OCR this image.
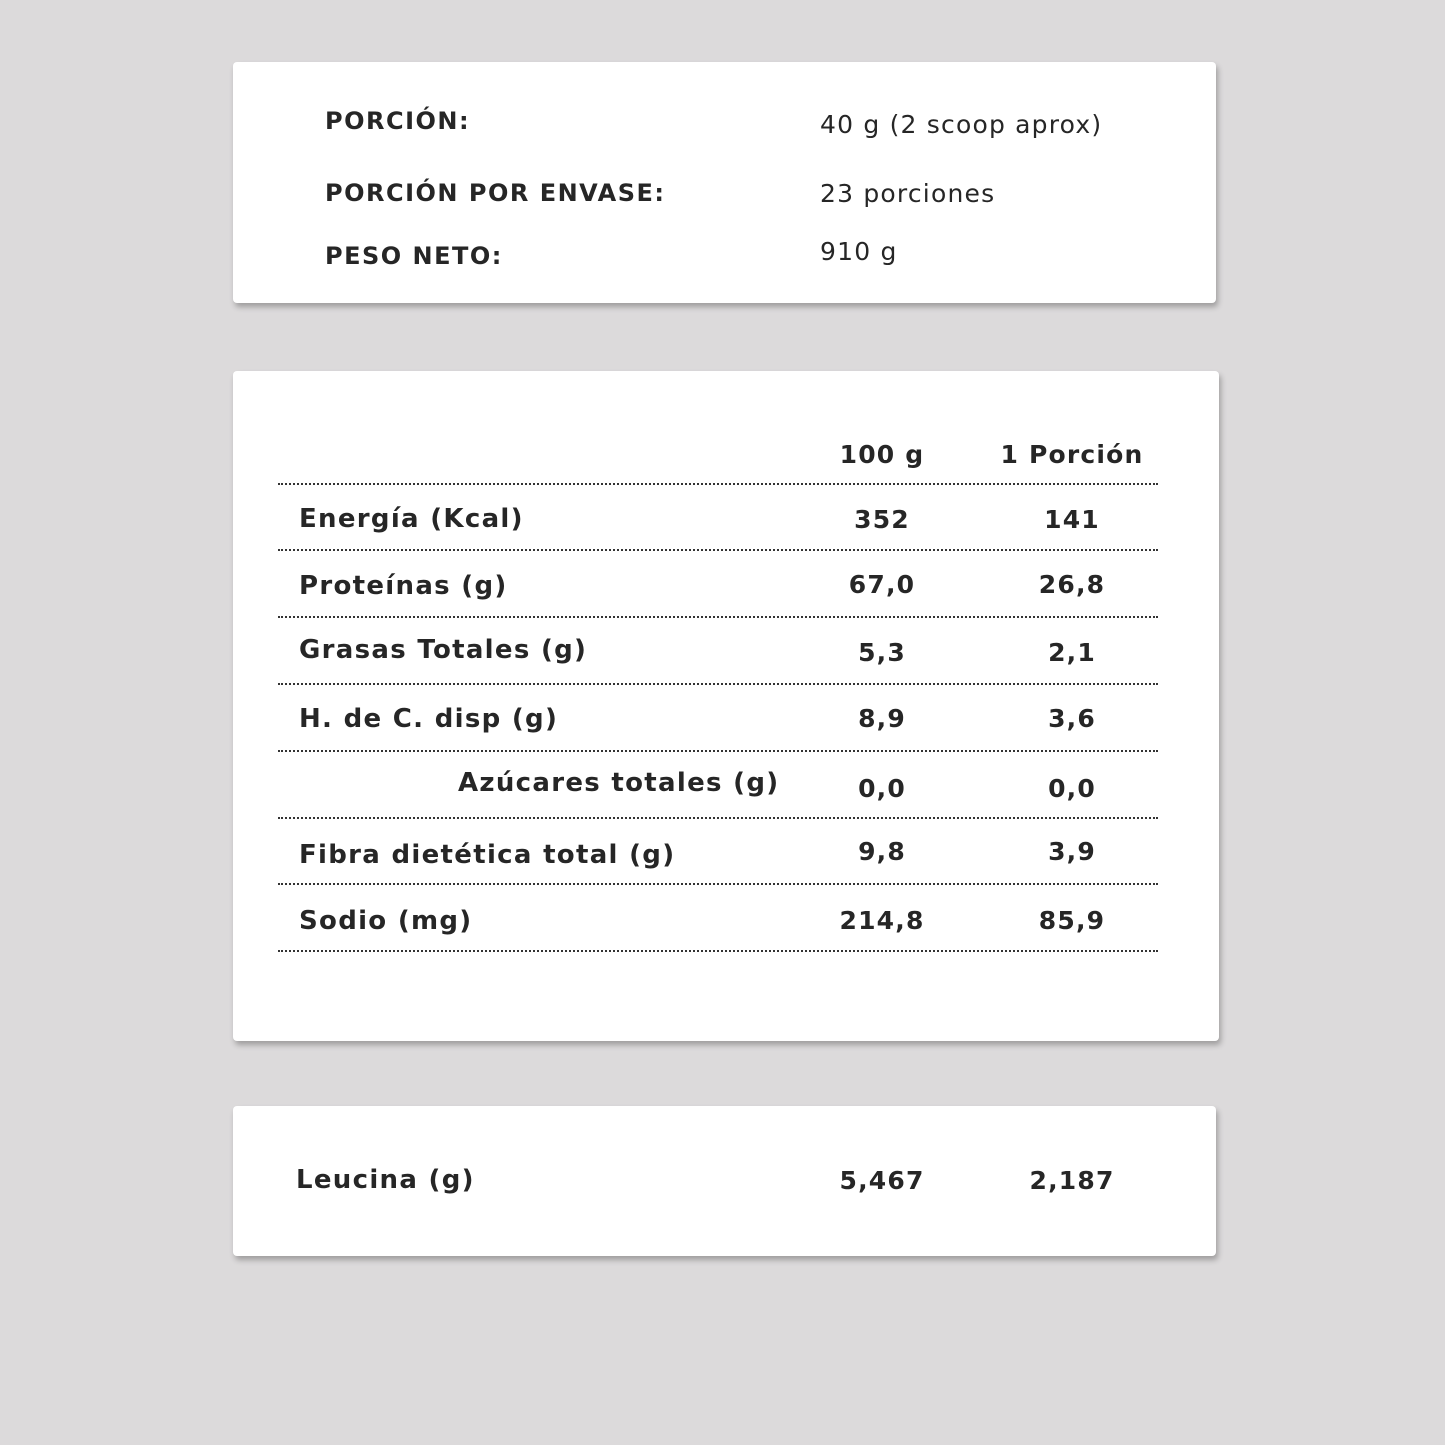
PORCIÓN:	40 g (2 scoop aprox)
PORCIÓN POR ENVASE:	23 porciones
PESO NETO:	910 g
100 g	1 Porción
Energía (Kcal)	352	141
Proteínas (g)	67,0	26,8
Grasas Totales (g)	5,3	2,1
H. de C. disp (g)	8,9	3,6
Azúcares totales (g)	0,0	0,0
Fibra dietética total (g)	9,8	3,9
Sodio (mg)	214,8	85,9
Leucina (g)	5,467	2,187
